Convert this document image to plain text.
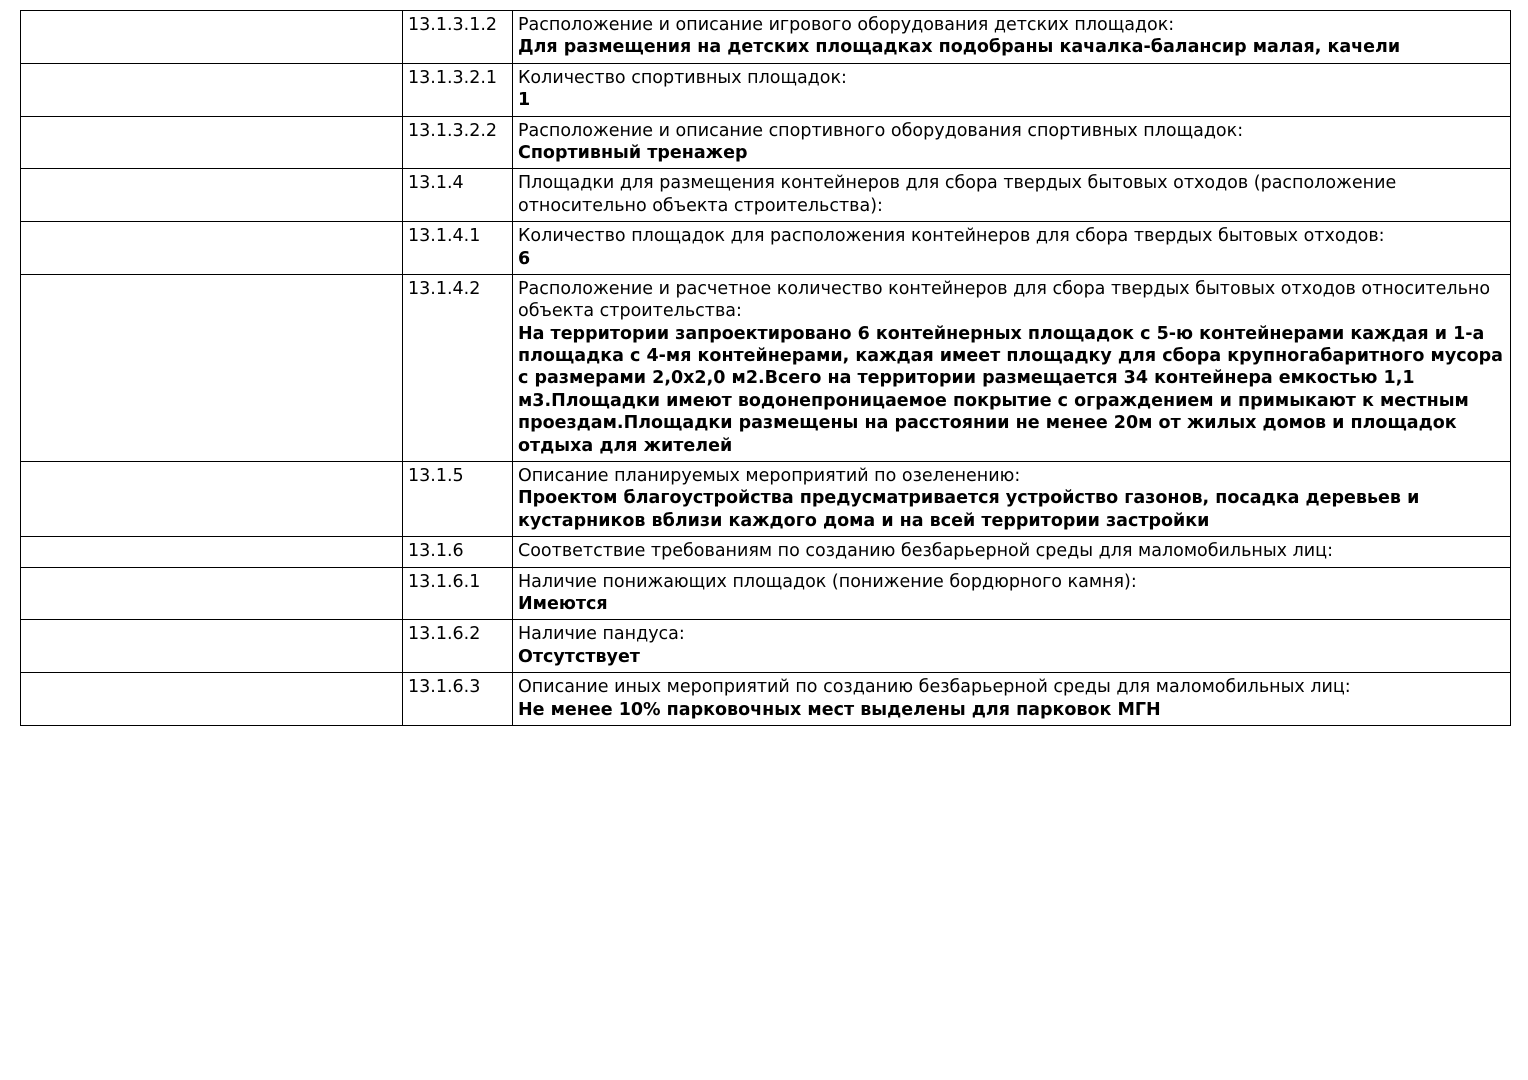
	13.1.3.1.2	Расположение и описание игрового оборудования детских площадок:
Для размещения на детских площадках подобраны качалка-балансир малая, качели

	13.1.3.2.1	Количество спортивных площадок:
1

	13.1.3.2.2	Расположение и описание спортивного оборудования спортивных площадок:
Спортивный тренажер

	13.1.4	Площадки для размещения контейнеров для сбора твердых бытовых отходов (расположение относительно объекта строительства):

	13.1.4.1	Количество площадок для расположения контейнеров для сбора твердых бытовых отходов:
6

	13.1.4.2	Расположение и расчетное количество контейнеров для сбора твердых бытовых отходов относительно объекта строительства:
На территории запроектировано 6 контейнерных площадок с 5-ю контейнерами каждая и 1-а площадка с 4-мя контейнерами, каждая имеет площадку для сбора крупногабаритного мусора с размерами 2,0х2,0 м2.Всего на территории размещается 34 контейнера емкостью 1,1 м3.Площадки имеют водонепроницаемое покрытие с ограждением и примыкают к местным проездам.Площадки размещены на расстоянии не менее 20м от жилых домов и площадок отдыха для жителей

	13.1.5	Описание планируемых мероприятий по озеленению:
Проектом благоустройства предусматривается устройство газонов, посадка деревьев и кустарников вблизи каждого дома и на всей территории застройки

	13.1.6	Соответствие требованиям по созданию безбарьерной среды для маломобильных лиц:

	13.1.6.1	Наличие понижающих площадок (понижение бордюрного камня):
Имеются

	13.1.6.2	Наличие пандуса:
Отсутствует

	13.1.6.3	Описание иных мероприятий по созданию безбарьерной среды для маломобильных лиц:
Не менее 10% парковочных мест выделены для парковок МГН
